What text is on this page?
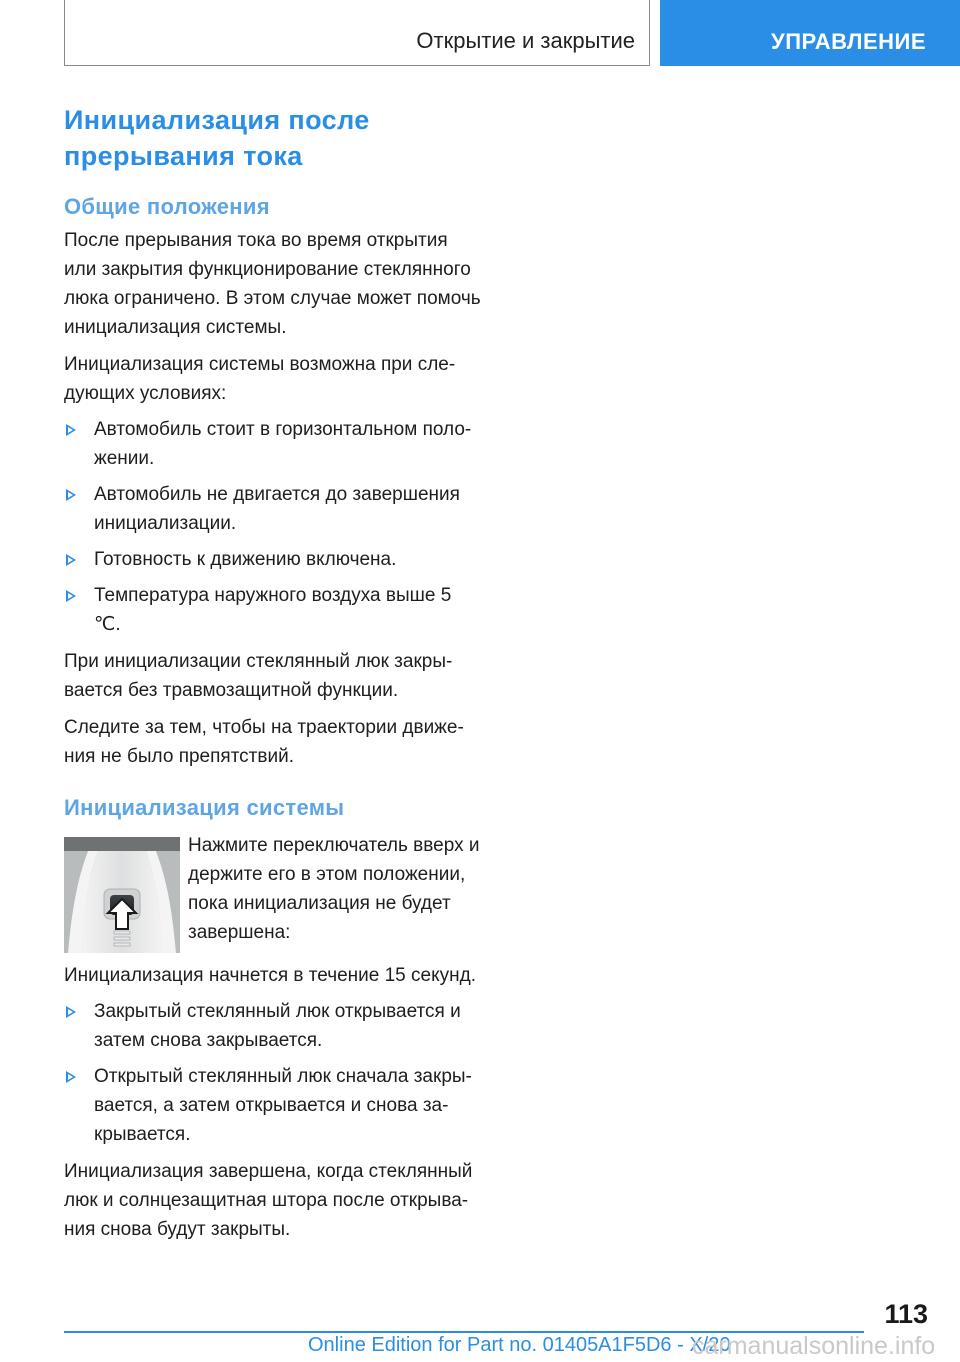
Открытие и закрытие	УПРАВЛЕНИЕ
Инициализация после
прерывания тока
Общие положения

После прерывания тока во время открытия или закрытия функционирование стеклянного люка ограничено. В этом случае может помочь инициализация системы.

Инициализация системы возможна при следующих условиях:

Автомобиль стоит в горизонтальном положении.
Автомобиль не двигается до завершения инициализации.
Готовность к движению включена.
Температура наружного воздуха выше 5 ℃.

При инициализации стеклянный люк закрывается без травмозащитной функции.

Следите за тем, чтобы на траектории движения не было препятствий.

Инициализация системы

Нажмите переключатель вверх и держите его в этом положении, пока инициализация не будет завершена:

Инициализация начнется в течение 15 секунд.

Закрытый стеклянный люк открывается и затем снова закрывается.
Открытый стеклянный люк сначала закрывается, а затем открывается и снова закрывается.

Инициализация завершена, когда стеклянный люк и солнцезащитная штора после открывания снова будут закрыты.

113
Online Edition for Part no. 01405A1F5D6 - X/20
carmanualsonline.info
